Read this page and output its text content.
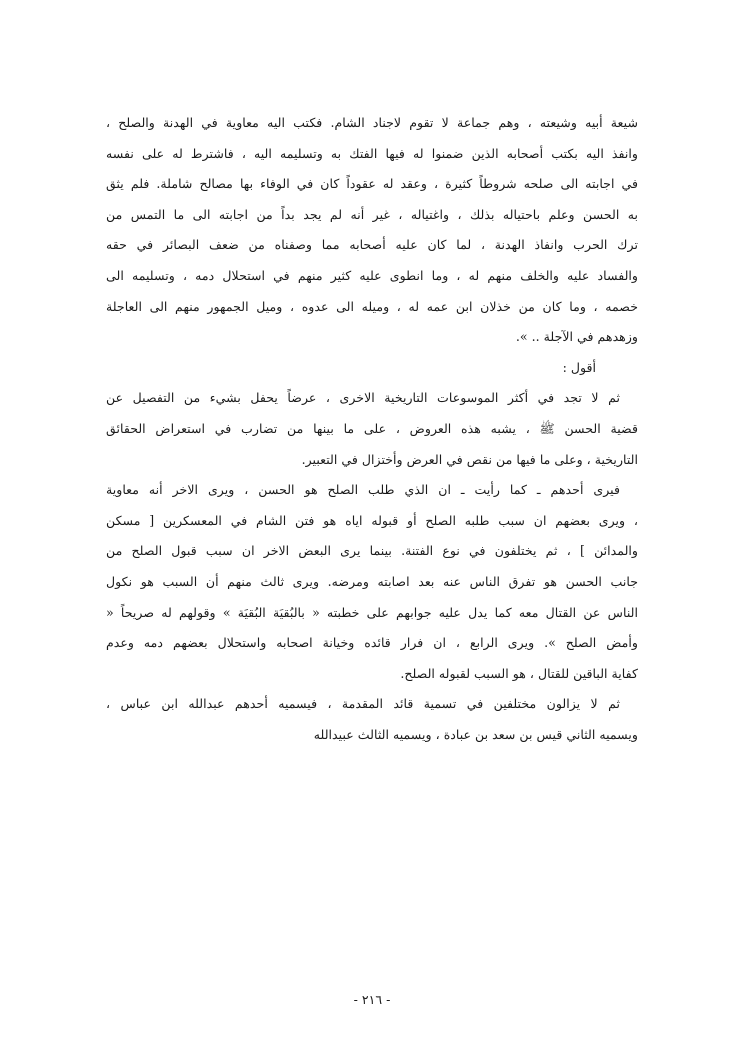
شيعة أبيه وشيعته ، وهم جماعة لا تقوم لاجناد الشام. فكتب اليه معاوية في الهدنة والصلح ،
وانفذ اليه بكتب أصحابه الذين ضمنوا له فيها الفتك به وتسليمه اليه ، فاشترط له على نفسه
في اجابته الى صلحه شروطاً كثيرة ، وعقد له عقوداً كان في الوفاء بها مصالح شاملة. فلم يثق
به الحسن وعلم باحتياله بذلك ، واغتياله ، غير أنه لم يجد بداً من اجابته الى ما التمس من
ترك الحرب وانفاذ الهدنة ، لما كان عليه أصحابه مما وصفناه من ضعف البصائر في حقه
والفساد عليه والخلف منهم له ، وما انطوى عليه كثير منهم في استحلال دمه ، وتسليمه الى
خصمه ، وما كان من خذلان ابن عمه له ، وميله الى عدوه ، وميل الجمهور منهم الى العاجلة
وزهدهم في الآجلة .. ».
أقول :
ثم لا تجد في أكثر الموسوعات التاريخية الاخرى ، عرضاً يحفل بشيء من التفصيل عن
قضية الحسن ﷺ ، يشبه هذه العروض ، على ما بينها من تضارب في استعراض الحقائق
التاريخية ، وعلى ما فيها من نقص في العرض وأختزال في التعبير.
فيرى أحدهم ـ كما رأيت ـ ان الذي طلب الصلح هو الحسن ، ويرى الاخر أنه معاوية
، ويرى بعضهم ان سبب طلبه الصلح أو قبوله اياه هو فتن الشام في المعسكرين [ مسكن
والمدائن ] ، ثم يختلفون في نوع الفتنة. بينما يرى البعض الاخر ان سبب قبول الصلح من
جانب الحسن هو تفرق الناس عنه بعد اصابته ومرضه. ويرى ثالث منهم أن السبب هو نكول
الناس عن القتال معه كما يدل عليه جوابهم على خطبته « بالبُقيَة البُقيَة » وقولهم له صريحاً «
وأمض الصلح ». ويرى الرابع ، ان فرار قائده وخيانة اصحابه واستحلال بعضهم دمه وعدم
كفاية الباقين للقتال ، هو السبب لقبوله الصلح.
ثم لا يزالون مختلفين في تسمية قائد المقدمة ، فيسميه أحدهم عبدالله ابن عباس ،
ويسميه الثاني قيس بن سعد بن عبادة ، ويسميه الثالث عبيدالله
- ٢١٦ -
